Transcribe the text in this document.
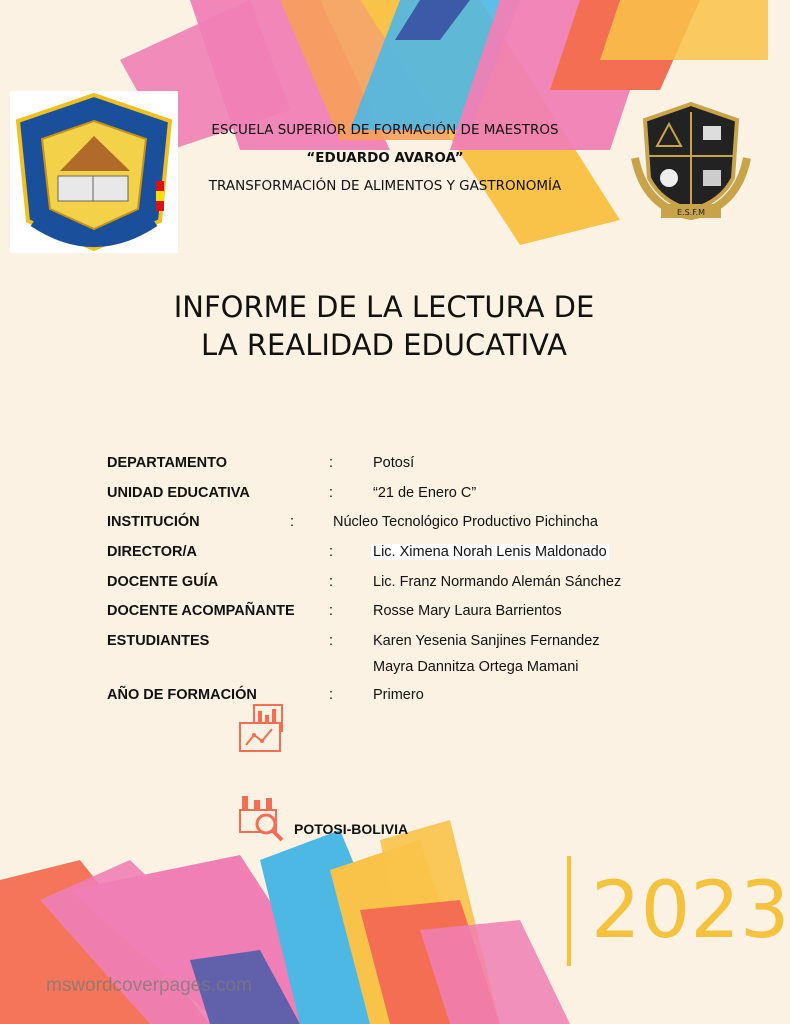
E.S.F.M
ESCUELA SUPERIOR DE FORMACIÓN DE MAESTROS
“EDUARDO AVAROA”
TRANSFORMACIÓN DE ALIMENTOS Y GASTRONOMÍA
INFORME DE LA LECTURA DE
LA REALIDAD EDUCATIVA
DEPARTAMENTO	:	Potosí
UNIDAD EDUCATIVA	:	“21 de Enero C”
INSTITUCIÓN	:	Núcleo Tecnológico Productivo Pichincha
DIRECTOR/A	:	Lic. Ximena Norah Lenis Maldonado
DOCENTE GUÍA	:	Lic. Franz Normando Alemán Sánchez
DOCENTE ACOMPAÑANTE :	Rosse Mary Laura Barrientos
ESTUDIANTES	:	Karen Yesenia Sanjines Fernandez
Mayra Dannitza Ortega Mamani
AÑO DE FORMACIÓN	:	Primero
POTOSI-BOLIVIA
2023
mswordcoverpages.com
